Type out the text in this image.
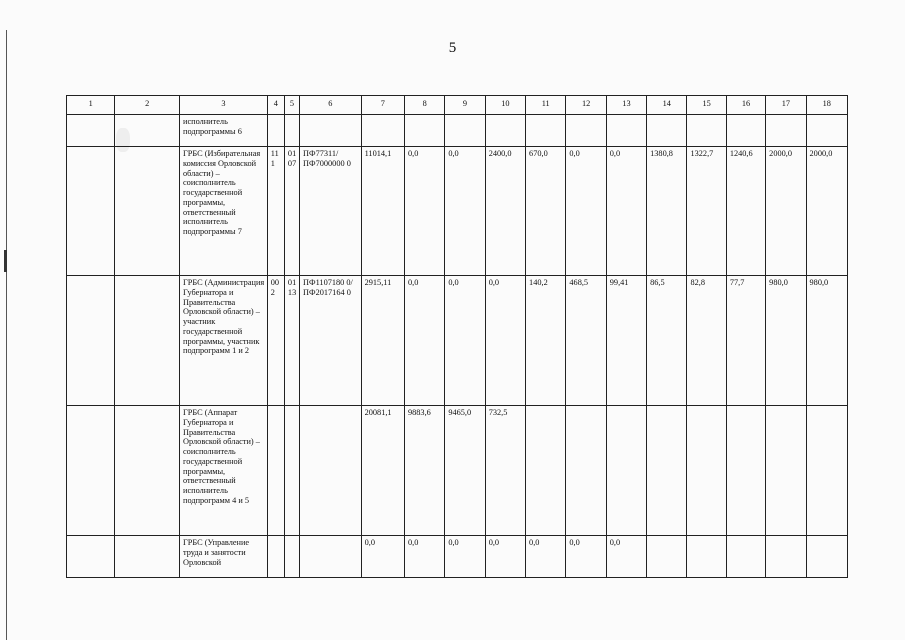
5
1	2	3	4	5	6	7	8	9	10	11	12	13	14	15	16	17	18
		исполнитель подпрограммы 6															
		ГРБС (Избирательная комиссия Орловской области) – соисполнитель государственной программы, ответственный исполнитель подпрограммы 7	111	01 07	ПФ77311/ ПФ7000000 0	11014,1	0,0	0,0	2400,0	670,0	0,0	0,0	1380,8	1322,7	1240,6	2000,0	2000,0
		ГРБС (Администрация Губернатора и Правительства Орловской области) – участник государственной программы, участник подпрограмм 1 и 2	002	01 13	ПФ1107180 0/ ПФ2017164 0	2915,11	0,0	0,0	0,0	140,2	468,5	99,41	86,5	82,8	77,7	980,0	980,0
		ГРБС (Аппарат Губернатора и Правительства Орловской области) – соисполнитель государственной программы, ответственный исполнитель подпрограмм 4 и 5				20081,1	9883,6	9465,0	732,5								
		ГРБС (Управление труда и занятости Орловской				0,0	0,0	0,0	0,0	0,0	0,0	0,0					
